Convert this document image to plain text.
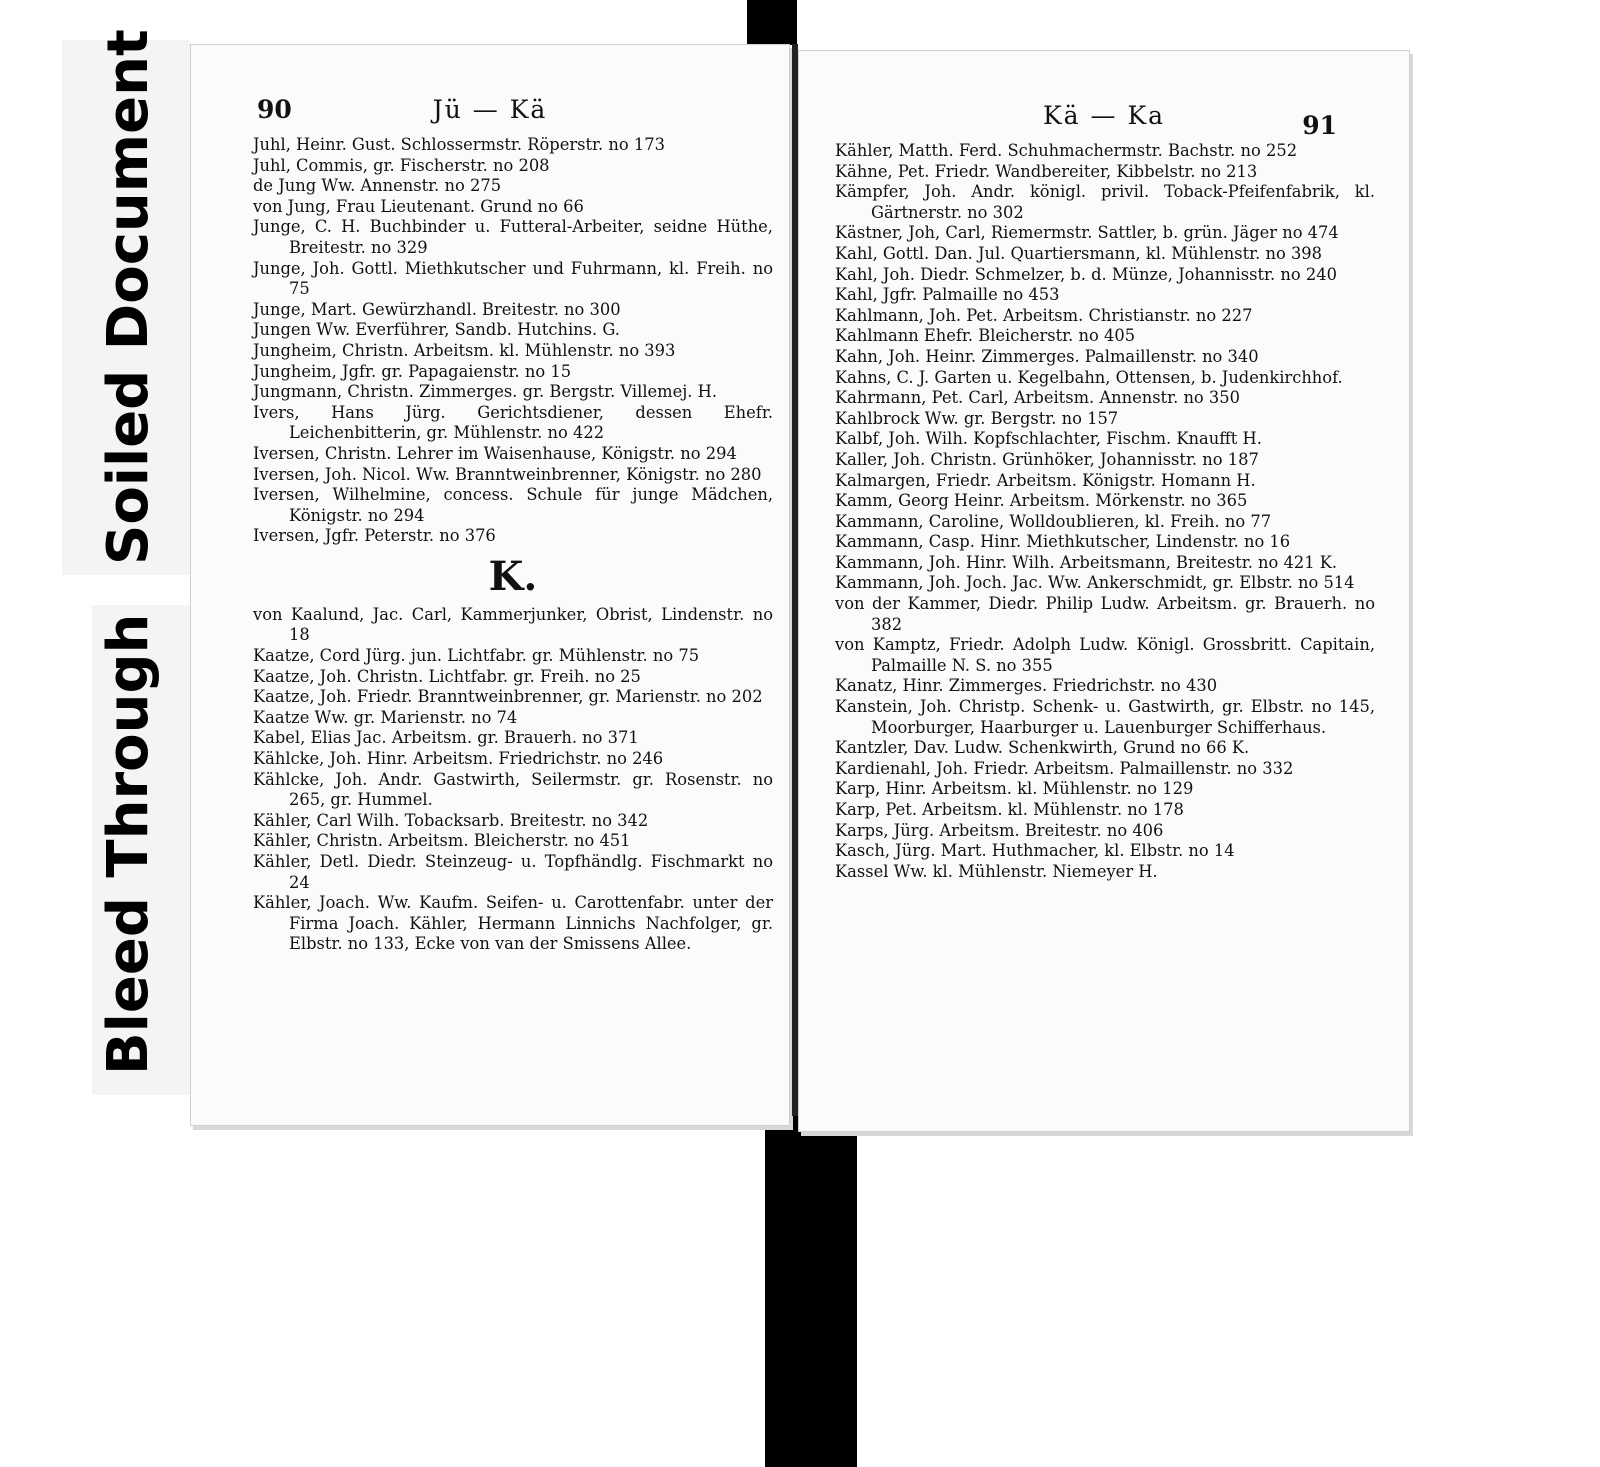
Soiled Document
Bleed Through
90	Jü — Kä

Juhl, Heinr. Gust. Schlossermstr. Röperstr. no 173

Juhl, Commis, gr. Fischerstr. no 208

de Jung Ww. Annenstr. no 275

von Jung, Frau Lieutenant. Grund no 66

Junge, C. H. Buchbinder u. Futteral-Arbeiter, seidne Hüthe, Breitestr. no 329

Junge, Joh. Gottl. Miethkutscher und Fuhrmann, kl. Freih. no 75

Junge, Mart. Gewürzhandl. Breitestr. no 300

Jungen Ww. Everführer, Sandb. Hutchins. G.

Jungheim, Christn. Arbeitsm. kl. Mühlenstr. no 393

Jungheim, Jgfr. gr. Papagaienstr. no 15

Jungmann, Christn. Zimmerges. gr. Bergstr. Villemej. H.

Ivers, Hans Jürg. Gerichtsdiener, dessen Ehefr. Leichenbitterin, gr. Mühlenstr. no 422

Iversen, Christn. Lehrer im Waisenhause, Königstr. no 294

Iversen, Joh. Nicol. Ww. Branntweinbrenner, Königstr. no 280

Iversen, Wilhelmine, concess. Schule für junge Mädchen, Königstr. no 294

Iversen, Jgfr. Peterstr. no 376

K.

von Kaalund, Jac. Carl, Kammerjunker, Obrist, Lindenstr. no 18

Kaatze, Cord Jürg. jun. Lichtfabr. gr. Mühlenstr. no 75

Kaatze, Joh. Christn. Lichtfabr. gr. Freih. no 25

Kaatze, Joh. Friedr. Branntweinbrenner, gr. Marienstr. no 202

Kaatze Ww. gr. Marienstr. no 74

Kabel, Elias Jac. Arbeitsm. gr. Brauerh. no 371

Kählcke, Joh. Hinr. Arbeitsm. Friedrichstr. no 246

Kählcke, Joh. Andr. Gastwirth, Seilermstr. gr. Rosenstr. no 265, gr. Hummel.

Kähler, Carl Wilh. Tobacksarb. Breitestr. no 342

Kähler, Christn. Arbeitsm. Bleicherstr. no 451

Kähler, Detl. Diedr. Steinzeug- u. Topfhändlg. Fischmarkt no 24

Kähler, Joach. Ww. Kaufm. Seifen- u. Carottenfabr. unter der Firma Joach. Kähler, Hermann Linnichs Nachfolger, gr. Elbstr. no 133, Ecke von van der Smissens Allee.

Kä — Ka	91

Kähler, Matth. Ferd. Schuhmachermstr. Bachstr. no 252

Kähne, Pet. Friedr. Wandbereiter, Kibbelstr. no 213

Kämpfer, Joh. Andr. königl. privil. Toback-Pfeifenfabrik, kl. Gärtnerstr. no 302

Kästner, Joh, Carl, Riemermstr. Sattler, b. grün. Jäger no 474

Kahl, Gottl. Dan. Jul. Quartiersmann, kl. Mühlenstr. no 398

Kahl, Joh. Diedr. Schmelzer, b. d. Münze, Johannisstr. no 240

Kahl, Jgfr. Palmaille no 453

Kahlmann, Joh. Pet. Arbeitsm. Christianstr. no 227

Kahlmann Ehefr. Bleicherstr. no 405

Kahn, Joh. Heinr. Zimmerges. Palmaillenstr. no 340

Kahns, C. J. Garten u. Kegelbahn, Ottensen, b. Judenkirchhof.

Kahrmann, Pet. Carl, Arbeitsm. Annenstr. no 350

Kahlbrock Ww. gr. Bergstr. no 157

Kalbf, Joh. Wilh. Kopfschlachter, Fischm. Knaufft H.

Kaller, Joh. Christn. Grünhöker, Johannisstr. no 187

Kalmargen, Friedr. Arbeitsm. Königstr. Homann H.

Kamm, Georg Heinr. Arbeitsm. Mörkenstr. no 365

Kammann, Caroline, Wolldoublieren, kl. Freih. no 77

Kammann, Casp. Hinr. Miethkutscher, Lindenstr. no 16

Kammann, Joh. Hinr. Wilh. Arbeitsmann, Breitestr. no 421 K.

Kammann, Joh. Joch. Jac. Ww. Ankerschmidt, gr. Elbstr. no 514

von der Kammer, Diedr. Philip Ludw. Arbeitsm. gr. Brauerh. no 382

von Kamptz, Friedr. Adolph Ludw. Königl. Grossbritt. Capitain, Palmaille N. S. no 355

Kanatz, Hinr. Zimmerges. Friedrichstr. no 430

Kanstein, Joh. Christp. Schenk- u. Gastwirth, gr. Elbstr. no 145, Moorburger, Haarburger u. Lauenburger Schifferhaus.

Kantzler, Dav. Ludw. Schenkwirth, Grund no 66 K.

Kardienahl, Joh. Friedr. Arbeitsm. Palmaillenstr. no 332

Karp, Hinr. Arbeitsm. kl. Mühlenstr. no 129

Karp, Pet. Arbeitsm. kl. Mühlenstr. no 178

Karps, Jürg. Arbeitsm. Breitestr. no 406

Kasch, Jürg. Mart. Huthmacher, kl. Elbstr. no 14

Kassel Ww. kl. Mühlenstr. Niemeyer H.
